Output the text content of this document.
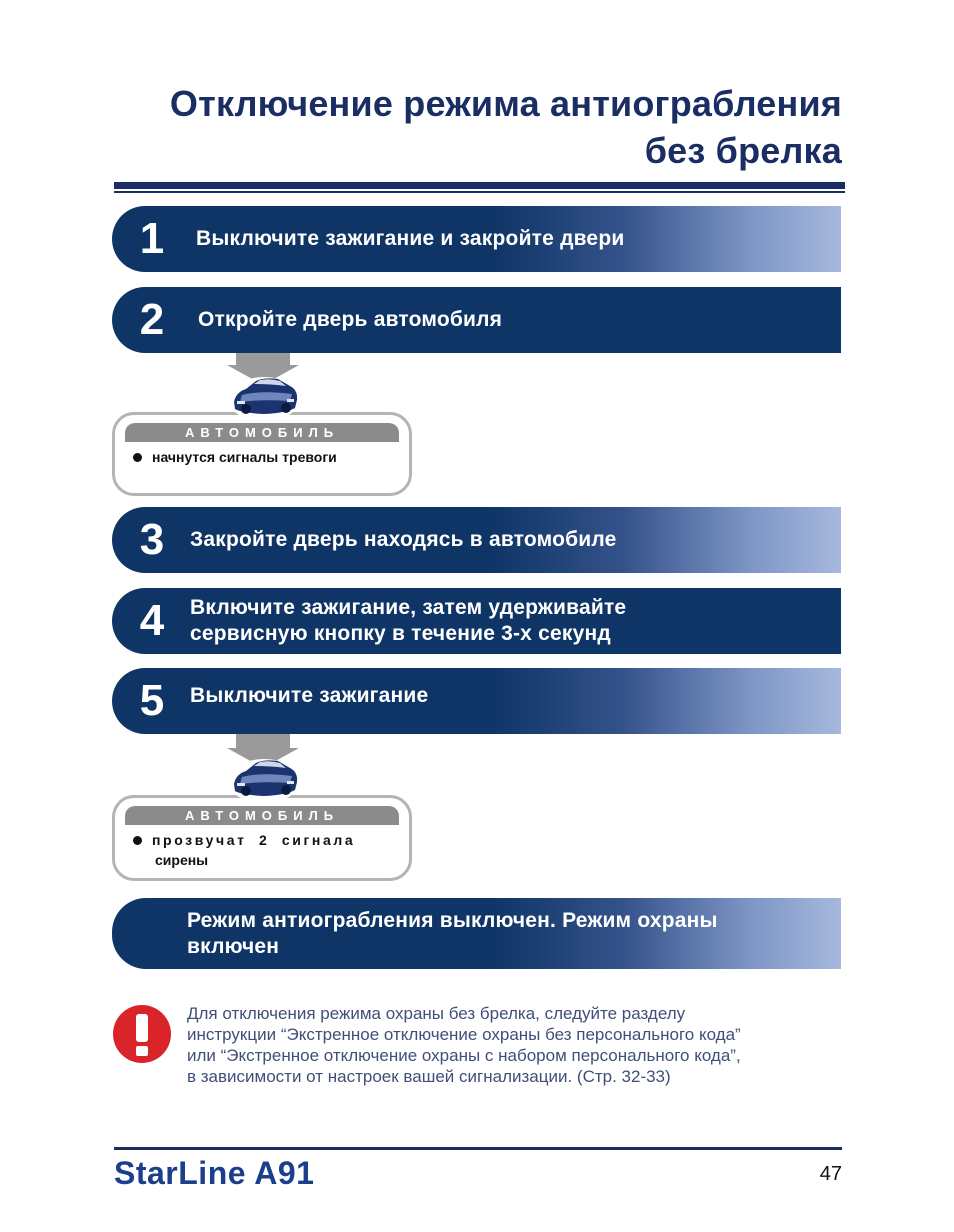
Отключение режима антиограбления
без брелка
1	Выключите зажигание и закройте двери
2	Откройте дверь автомобиля
АВТОМОБИЛЬ
начнутся сигналы тревоги
3	Закройте дверь находясь в автомобиле
4	Включите зажигание, затем удерживайте
сервисную кнопку в течение 3-х секунд
5	Выключите зажигание
АВТОМОБИЛЬ
прозвучат 2 сигнала
сирены
Режим антиограбления выключен. Режим охраны
включен
Для отключения режима охраны без брелка, следуйте разделу
инструкции “Экстренное отключение охраны без персонального кода”
или “Экстренное отключение охраны с набором персонального кода”,
в зависимости от настроек вашей сигнализации. (Стр. 32-33)
StarLine A91	47
